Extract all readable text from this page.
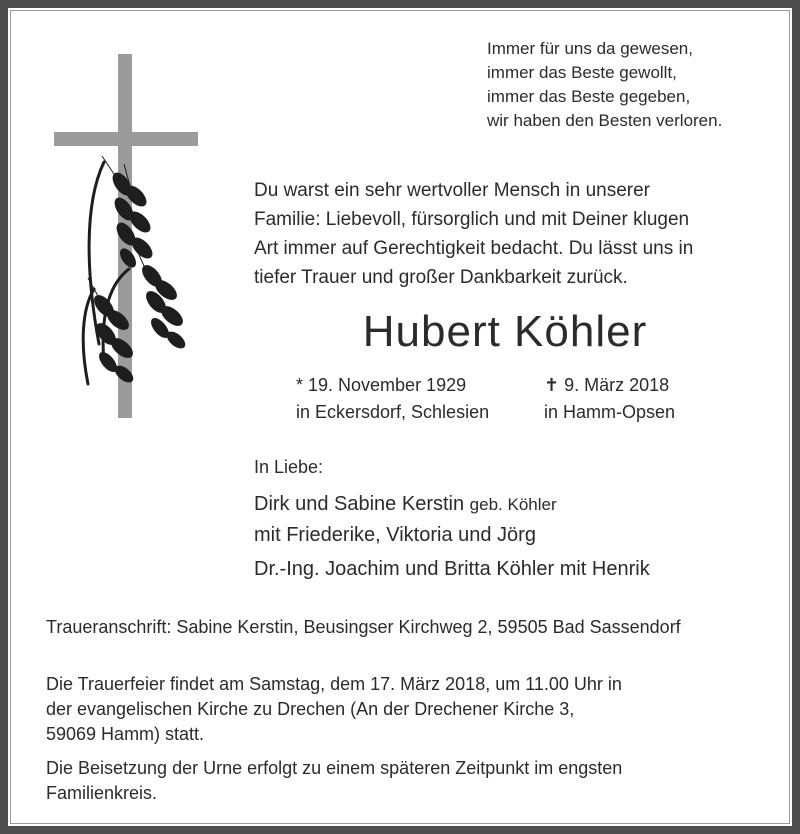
Immer für uns da gewesen,
immer das Beste gewollt,
immer das Beste gegeben,
wir haben den Besten verloren.
Du warst ein sehr wertvoller Mensch in unserer
Familie: Liebevoll, fürsorglich und mit Deiner klugen
Art immer auf Gerechtigkeit bedacht. Du lässt uns in
tiefer Trauer und großer Dankbarkeit zurück.
Hubert Köhler
* 19. November 1929
in Eckersdorf, Schlesien
✝ 9. März 2018
in Hamm-Opsen
In Liebe:
Dirk und Sabine Kerstin geb. Köhler
mit Friederike, Viktoria und Jörg
Dr.-Ing. Joachim und Britta Köhler mit Henrik
Traueranschrift: Sabine Kerstin, Beusingser Kirchweg 2, 59505 Bad Sassendorf
Die Trauerfeier findet am Samstag, dem 17. März 2018, um 11.00 Uhr in
der evangelischen Kirche zu Drechen (An der Drechener Kirche 3,
59069 Hamm) statt.
Die Beisetzung der Urne erfolgt zu einem späteren Zeitpunkt im engsten
Familienkreis.
